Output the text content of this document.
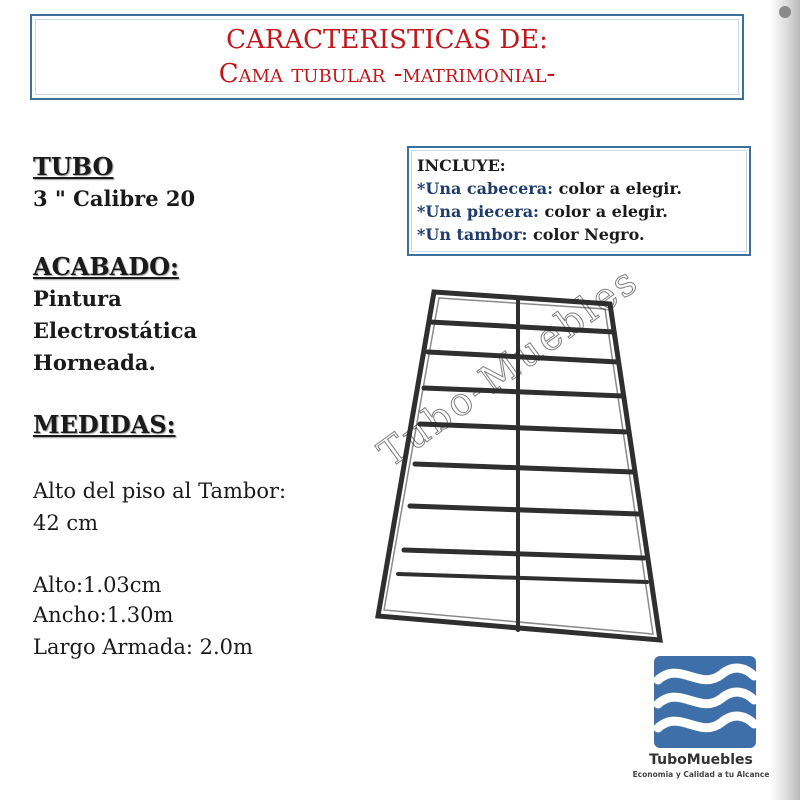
CARACTERISTICAS DE:
Cama tubular -matrimonial-
TUBO
3 " Calibre 20
ACABADO:
Pintura
Electrostática
Horneada.
MEDIDAS:
Alto del piso al Tambor:
42 cm
Alto:1.03cm
Ancho:1.30m
Largo Armada: 2.0m
INCLUYE:
*Una cabecera: color a elegir.
*Una piecera: color a elegir.
*Un tambor: color Negro.
Tubo-Muebles
TuboMuebles
Economia y Calidad a tu Alcance
